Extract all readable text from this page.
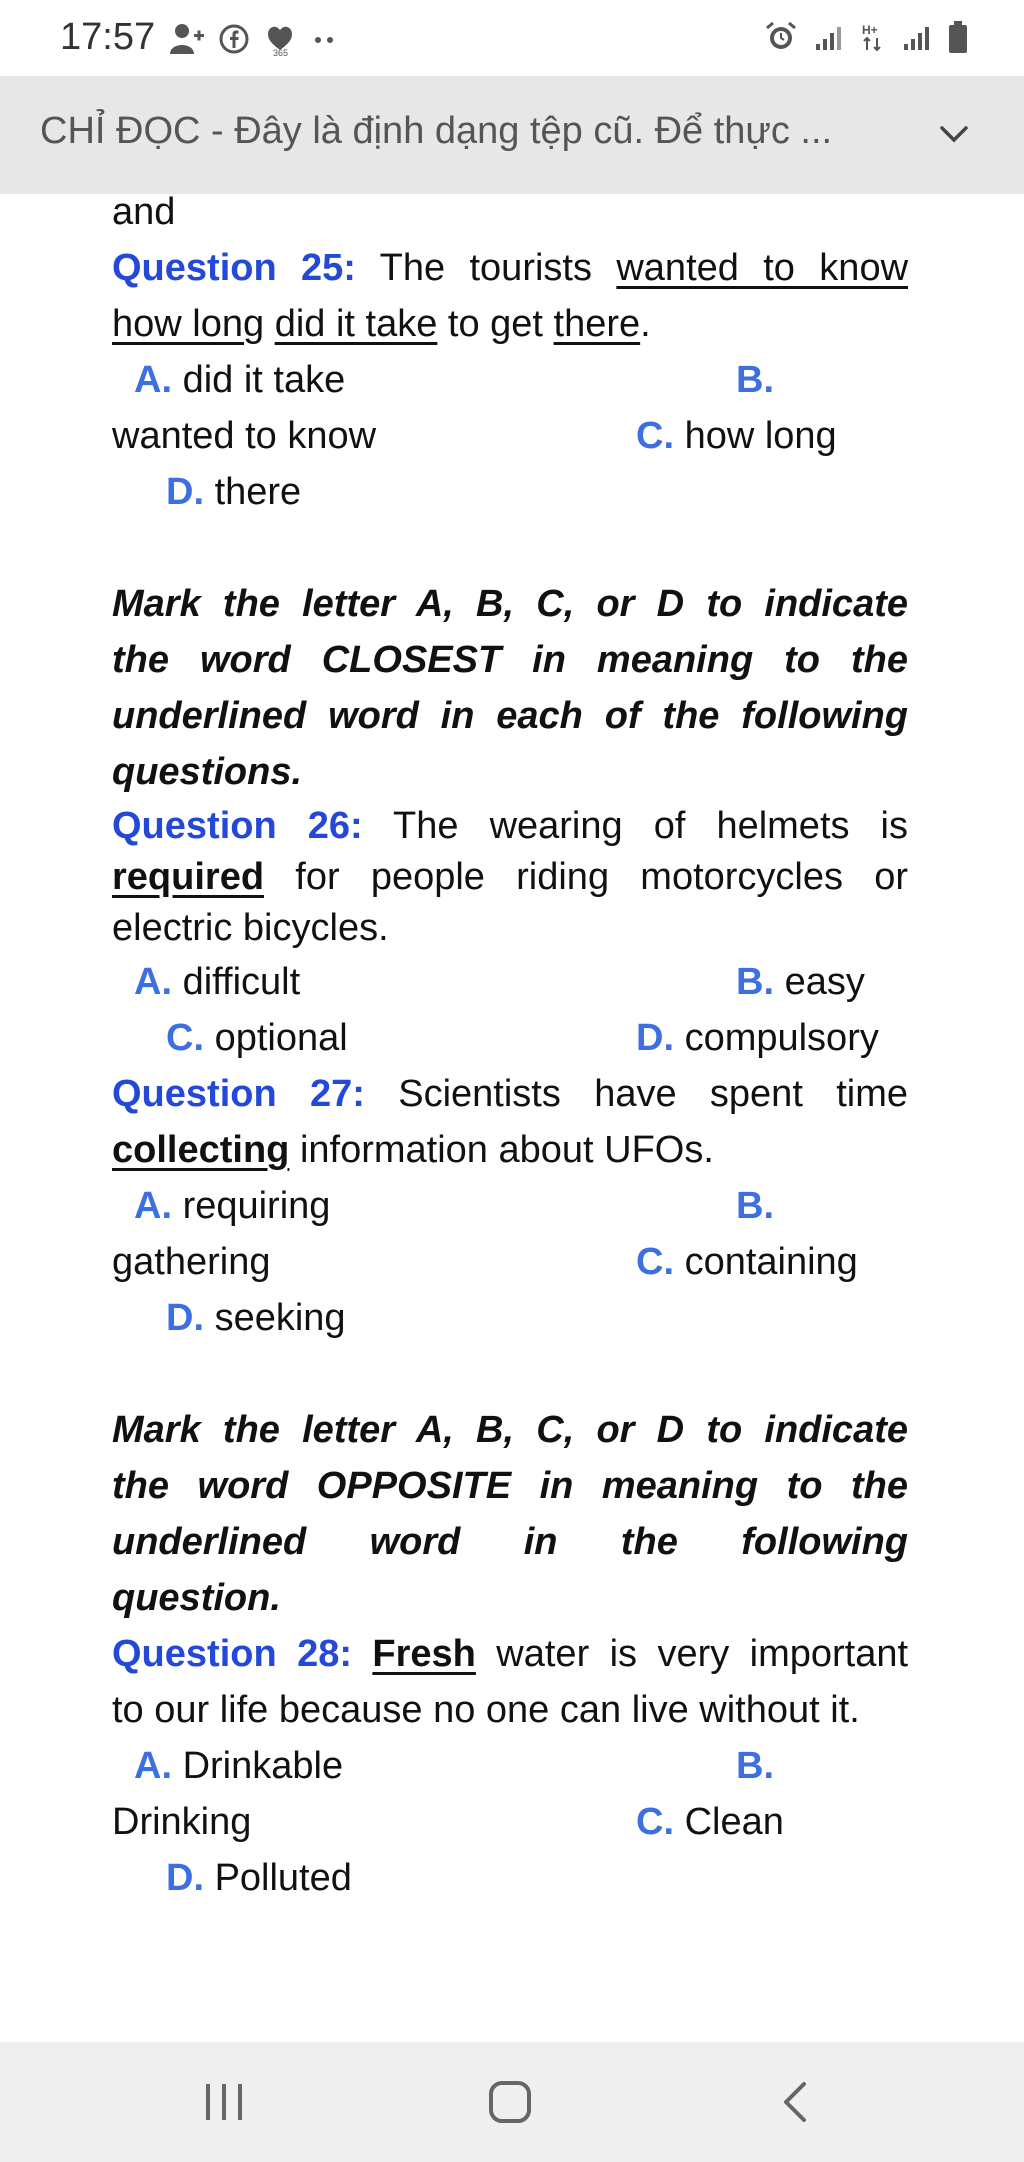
17:57	365
H+
CHỈ ĐỌC - Đây là định dạng tệp cũ. Để thực ...
and
Question 25: The tourists wanted to know
how long did it take to get there.
A. did it take	B.
wanted to know	C. how long
D. there
Mark the letter A, B, C, or D to indicate
the word CLOSEST in meaning to the
underlined word in each of the following
questions.
Question 26: The wearing of helmets is
required for people riding motorcycles or
electric bicycles.
A. difficult	B. easy
C. optional	D. compulsory
Question 27: Scientists have spent time
collecting information about UFOs.
A. requiring	B.
gathering	C. containing
D. seeking
Mark the letter A, B, C, or D to indicate
the word OPPOSITE in meaning to the
underlined word in the following
question.
Question 28: Fresh water is very important
to our life because no one can live without it.
A. Drinkable	B.
Drinking	C. Clean
D. Polluted
